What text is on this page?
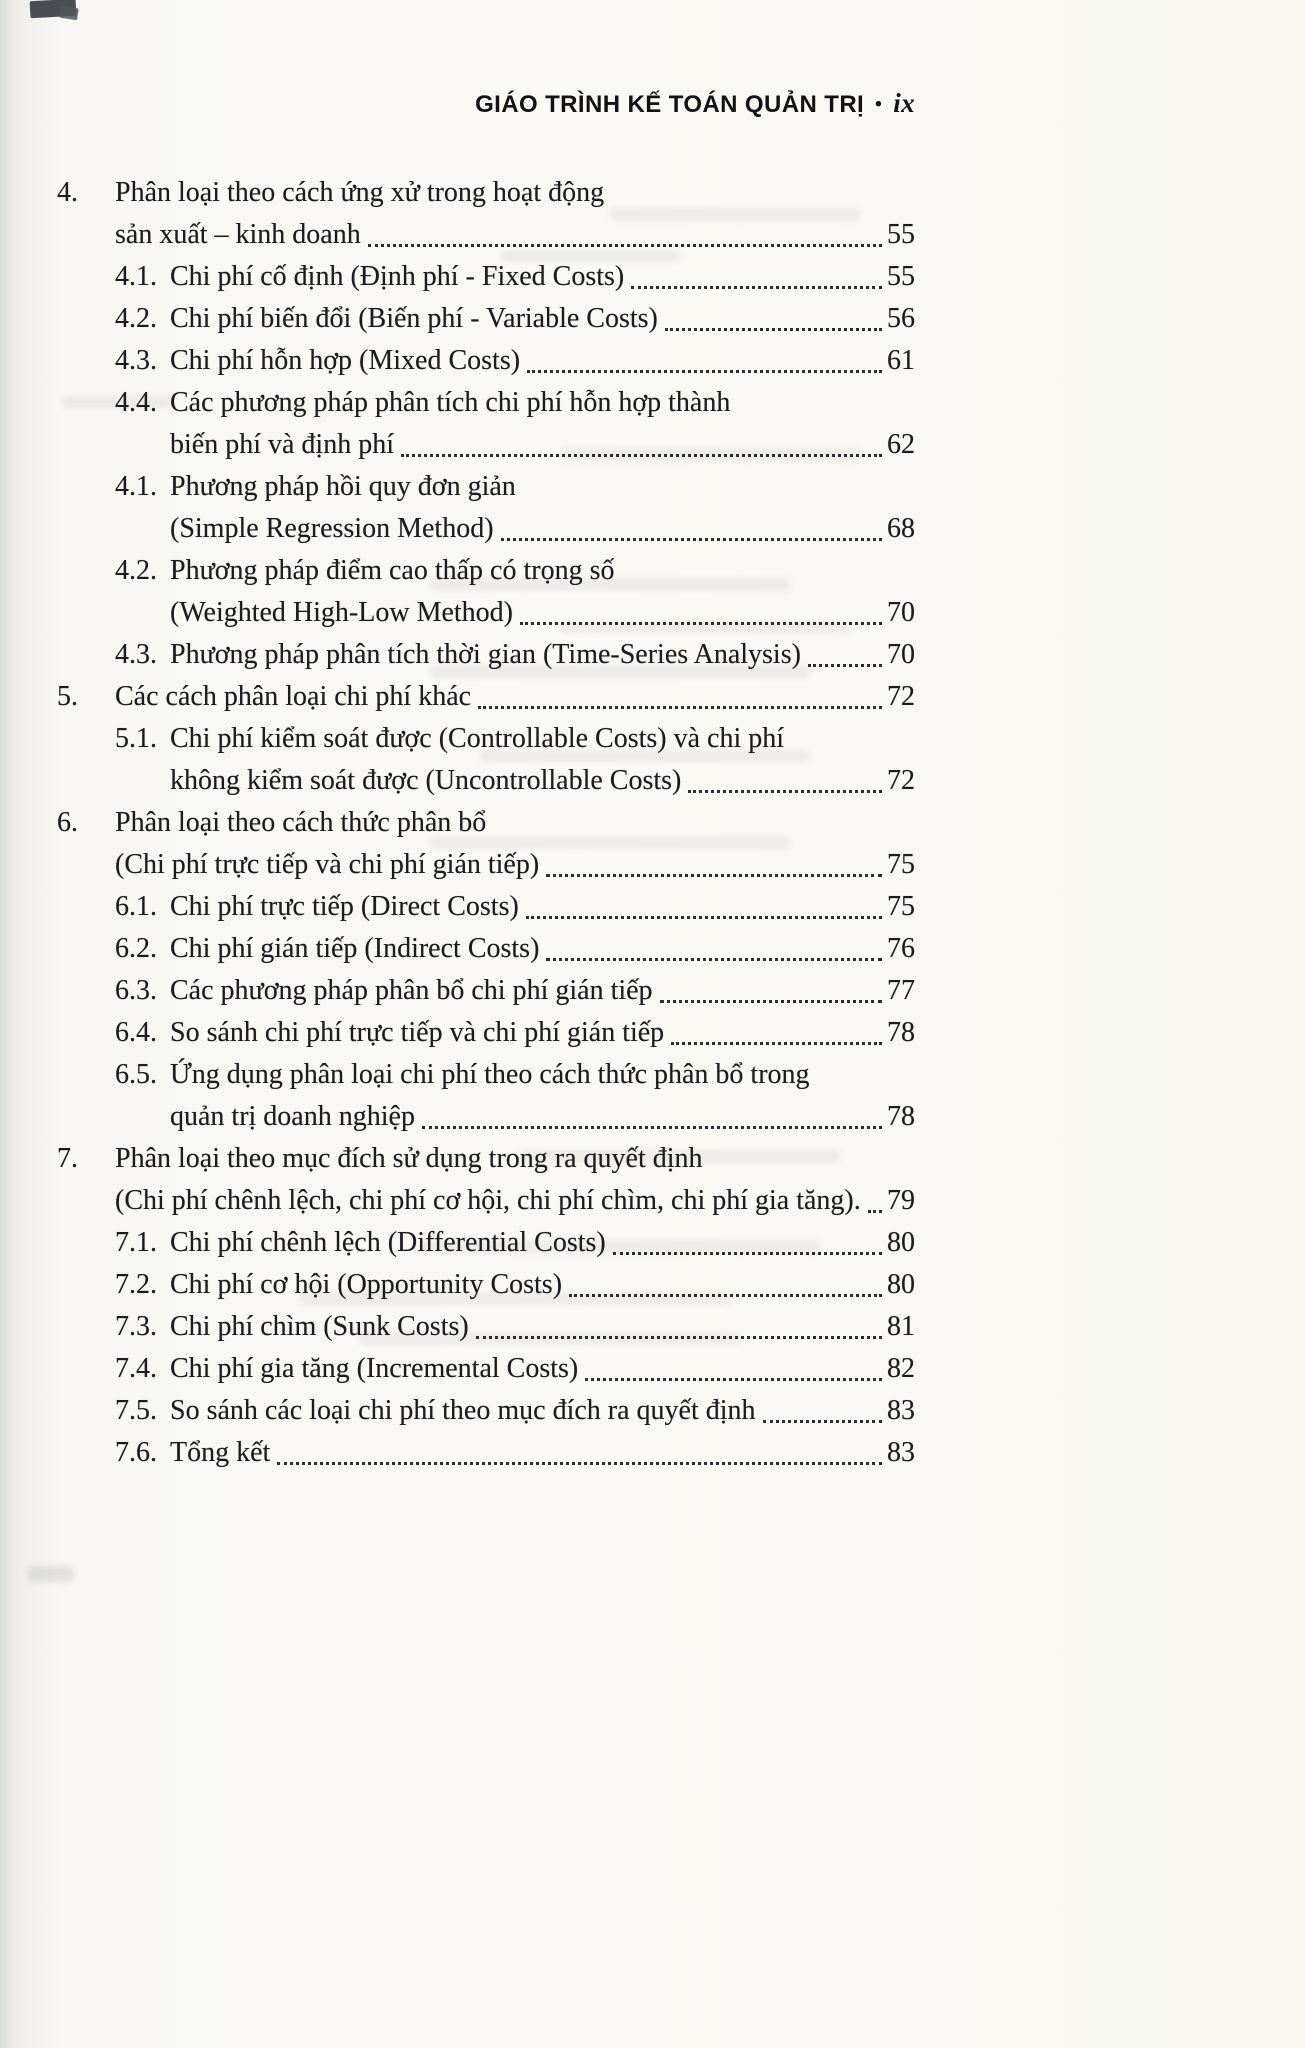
GIÁO TRÌNH KẾ TOÁN QUẢN TRỊ • ix
4. Phân loại theo cách ứng xử trong hoạt động
sản xuất – kinh doanh	55
4.1. Chi phí cố định (Định phí - Fixed Costs)	55
4.2. Chi phí biến đổi (Biến phí - Variable Costs)	56
4.3. Chi phí hỗn hợp (Mixed Costs)	61
4.4. Các phương pháp phân tích chi phí hỗn hợp thành
biến phí và định phí	62
4.1. Phương pháp hồi quy đơn giản
(Simple Regression Method)	68
4.2. Phương pháp điểm cao thấp có trọng số
(Weighted High-Low Method)	70
4.3. Phương pháp phân tích thời gian (Time-Series Analysis)	70
5. Các cách phân loại chi phí khác	72
5.1. Chi phí kiểm soát được (Controllable Costs) và chi phí
không kiểm soát được (Uncontrollable Costs)	72
6. Phân loại theo cách thức phân bổ
(Chi phí trực tiếp và chi phí gián tiếp)	75
6.1. Chi phí trực tiếp (Direct Costs)	75
6.2. Chi phí gián tiếp (Indirect Costs)	76
6.3. Các phương pháp phân bổ chi phí gián tiếp	77
6.4. So sánh chi phí trực tiếp và chi phí gián tiếp	78
6.5. Ứng dụng phân loại chi phí theo cách thức phân bổ trong
quản trị doanh nghiệp	78
7. Phân loại theo mục đích sử dụng trong ra quyết định
(Chi phí chênh lệch, chi phí cơ hội, chi phí chìm, chi phí gia tăng). 79
7.1. Chi phí chênh lệch (Differential Costs)	80
7.2. Chi phí cơ hội (Opportunity Costs)	80
7.3. Chi phí chìm (Sunk Costs)	81
7.4. Chi phí gia tăng (Incremental Costs)	82
7.5. So sánh các loại chi phí theo mục đích ra quyết định	83
7.6. Tổng kết	83
